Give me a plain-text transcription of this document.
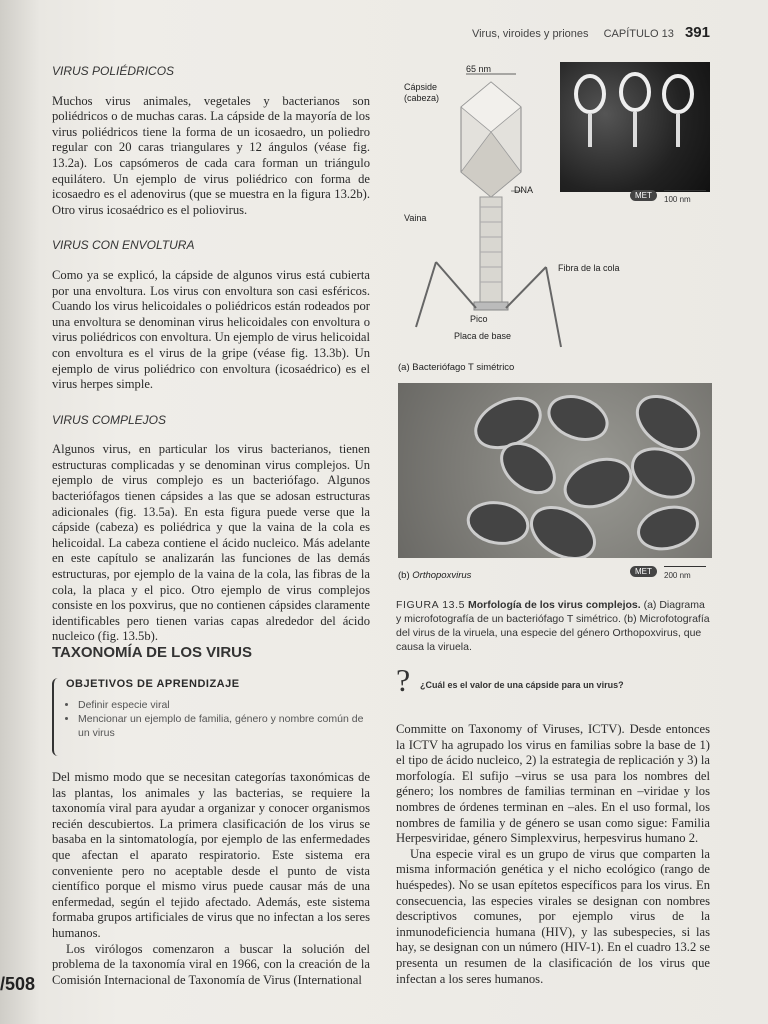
Virus, viroides y priones CAPÍTULO 13 391

VIRUS POLIÉDRICOS

Muchos virus animales, vegetales y bacterianos son poliédricos o de muchas caras. La cápside de la mayoría de los virus poliédricos tiene la forma de un icosaedro, un poliedro regular con 20 caras triangulares y 12 ángulos (véase fig. 13.2a). Los capsómeros de cada cara forman un triángulo equilátero. Un ejemplo de virus poliédrico con forma de icosaedro es el adenovirus (que se muestra en la figura 13.2b). Otro virus icosaédrico es el poliovirus.

VIRUS CON ENVOLTURA

Como ya se explicó, la cápside de algunos virus está cubierta por una envoltura. Los virus con envoltura son casi esféricos. Cuando los virus helicoidales o poliédricos están rodeados por una envoltura se denominan virus helicoidales con envoltura o virus poliédricos con envoltura. Un ejemplo de virus helicoidal con envoltura es el virus de la gripe (véase fig. 13.3b). Un ejemplo de virus poliédrico con envoltura (icosaédrico) es el virus herpes simple.

VIRUS COMPLEJOS

Algunos virus, en particular los virus bacterianos, tienen estructuras complicadas y se denominan virus complejos. Un ejemplo de virus complejo es un bacteriófago. Algunos bacteriófagos tienen cápsides a las que se adosan estructuras adicionales (fig. 13.5a). En esta figura puede verse que la cápside (cabeza) es poliédrica y que la vaina de la cola es helicoidal. La cabeza contiene el ácido nucleico. Más adelante en este capítulo se analizarán las funciones de las demás estructuras, por ejemplo de la vaina de la cola, las fibras de la cola, la placa y el pico. Otro ejemplo de virus complejos consiste en los poxvirus, que no contienen cápsides claramente identificables pero tienen varias capas alrededor del ácido nucleico (fig. 13.5b).

TAXONOMÍA DE LOS VIRUS
OBJETIVOS DE APRENDIZAJE
• Definir especie viral
• Mencionar un ejemplo de familia, género y nombre común de un virus

Del mismo modo que se necesitan categorías taxonómicas de las plantas, los animales y las bacterias, se requiere la taxonomía viral para ayudar a organizar y conocer organismos recién descubiertos. La primera clasificación de los virus se basaba en la sintomatología, por ejemplo de las enfermedades que afectan el aparato respiratorio. Este sistema era conveniente pero no aceptable desde el punto de vista científico porque el mismo virus puede causar más de una enfermedad, según el tejido afectado. Además, este sistema formaba grupos artificiales de virus que no infectan a los seres humanos.

Los virólogos comenzaron a buscar la solución del problema de la taxonomía viral en 1966, con la creación de la Comisión Internacional de Taxonomía de Virus (International

65 nm
Cápside (cabeza)
DNA
Vaina
Fibra de la cola
Pico
Placa de base
(a) Bacteriófago T simétrico
MET	100 nm
(b) Orthopoxvirus	MET	200 nm
FIGURA 13.5 Morfología de los virus complejos. (a) Diagrama y microfotografía de un bacteriófago T simétrico. (b) Microfotografía del virus de la viruela, una especie del género Orthopoxvirus, que causa la viruela.
? ¿Cuál es el valor de una cápside para un virus?

Committe on Taxonomy of Viruses, ICTV). Desde entonces la ICTV ha agrupado los virus en familias sobre la base de 1) el tipo de ácido nucleico, 2) la estrategia de replicación y 3) la morfología. El sufijo –virus se usa para los nombres del género; los nombres de familias terminan en –viridae y los nombres de órdenes terminan en –ales. En el uso formal, los nombres de familia y de género se usan como sigue: Familia Herpesviridae, género Simplexvirus, herpesvirus humano 2.

Una especie viral es un grupo de virus que comparten la misma información genética y el nicho ecológico (rango de huéspedes). No se usan epítetos específicos para los virus. En consecuencia, las especies virales se designan con nombres descriptivos comunes, por ejemplo virus de la inmunodeficiencia humana (HIV), y las subespecies, si las hay, se designan con un número (HIV-1). En el cuadro 13.2 se presenta un resumen de la clasificación de los virus que infectan a los seres humanos.

/508
